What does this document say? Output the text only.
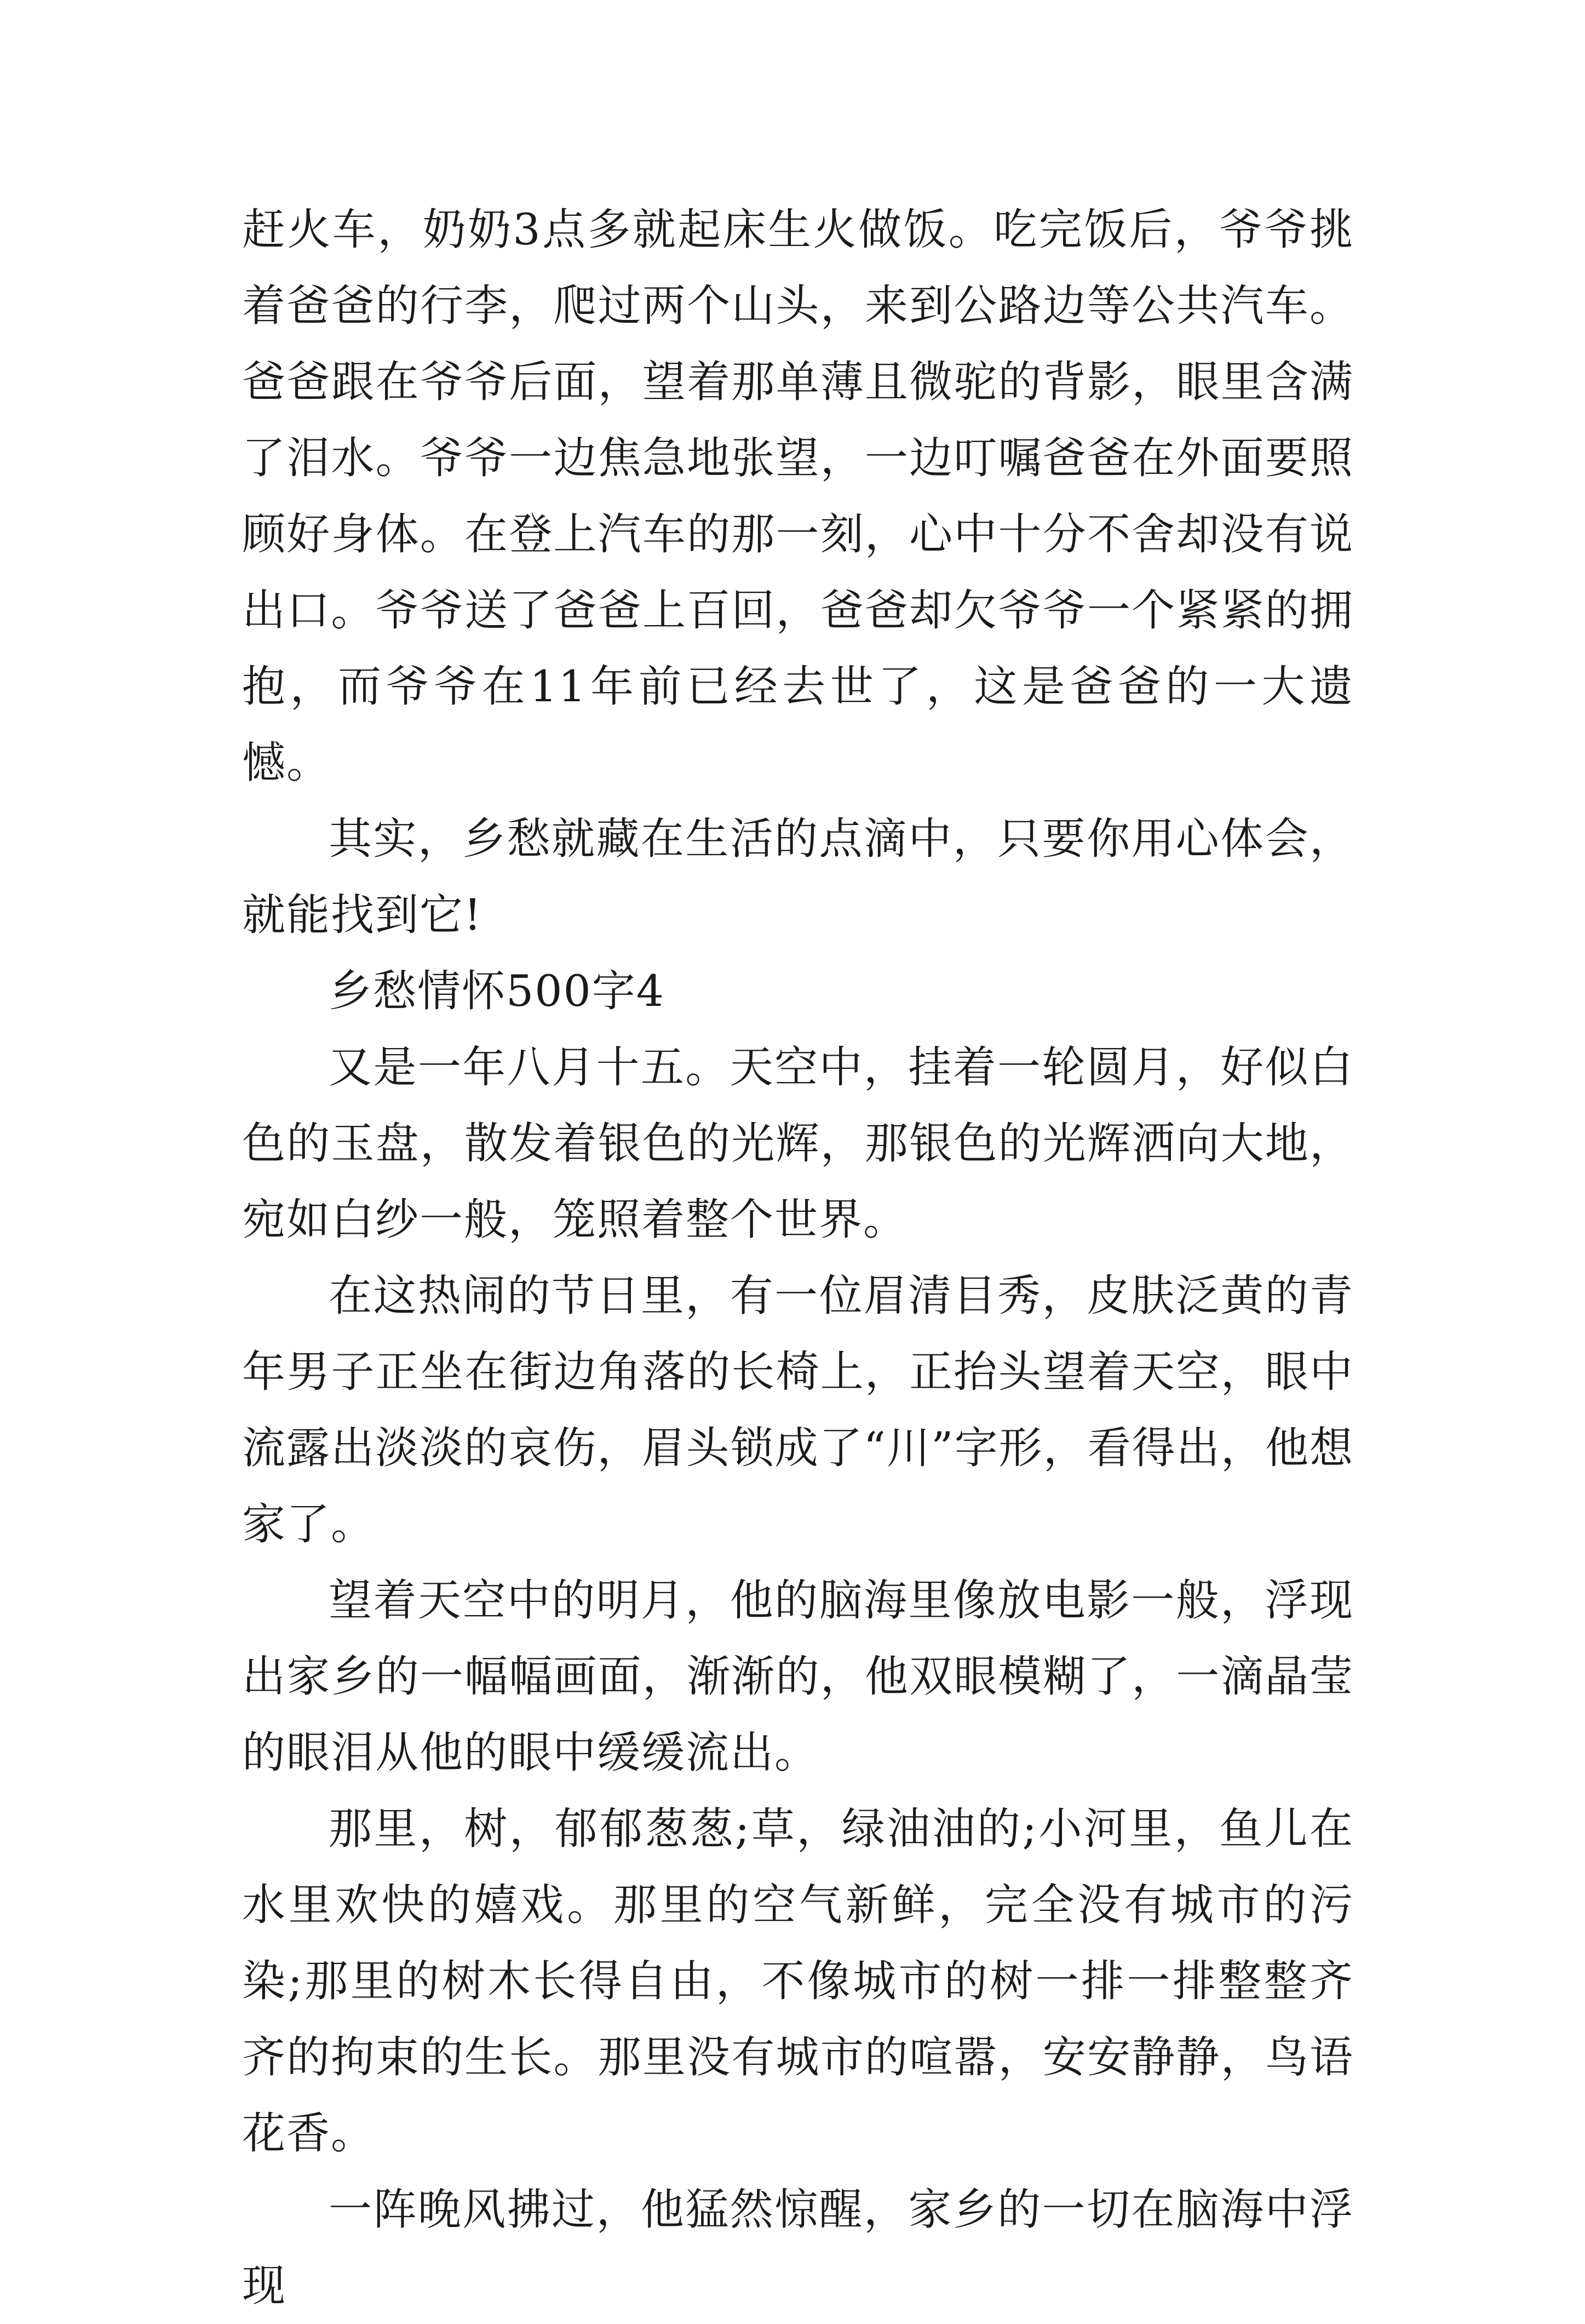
赶火车，奶奶3点多就起床生火做饭。吃完饭后，爷爷挑着爸爸的行李，爬过两个山头，来到公路边等公共汽车。爸爸跟在爷爷后面，望着那单薄且微驼的背影，眼里含满了泪水。爷爷一边焦急地张望，一边叮嘱爸爸在外面要照顾好身体。在登上汽车的那一刻，心中十分不舍却没有说出口。爷爷送了爸爸上百回，爸爸却欠爷爷一个紧紧的拥抱，而爷爷在11年前已经去世了，这是爸爸的一大遗憾。

其实，乡愁就藏在生活的点滴中，只要你用心体会，就能找到它!

乡愁情怀500字4

又是一年八月十五。天空中，挂着一轮圆月，好似白色的玉盘，散发着银色的光辉，那银色的光辉洒向大地，宛如白纱一般，笼照着整个世界。

在这热闹的节日里，有一位眉清目秀，皮肤泛黄的青年男子正坐在街边角落的长椅上，正抬头望着天空，眼中流露出淡淡的哀伤，眉头锁成了“川”字形，看得出，他想家了。

望着天空中的明月，他的脑海里像放电影一般，浮现出家乡的一幅幅画面，渐渐的，他双眼模糊了，一滴晶莹的眼泪从他的眼中缓缓流出。

那里，树，郁郁葱葱;草，绿油油的;小河里，鱼儿在水里欢快的嬉戏。那里的空气新鲜，完全没有城市的污染;那里的树木长得自由，不像城市的树一排一排整整齐齐的拘束的生长。那里没有城市的喧嚣，安安静静，鸟语花香。

一阵晚风拂过，他猛然惊醒，家乡的一切在脑海中浮现
